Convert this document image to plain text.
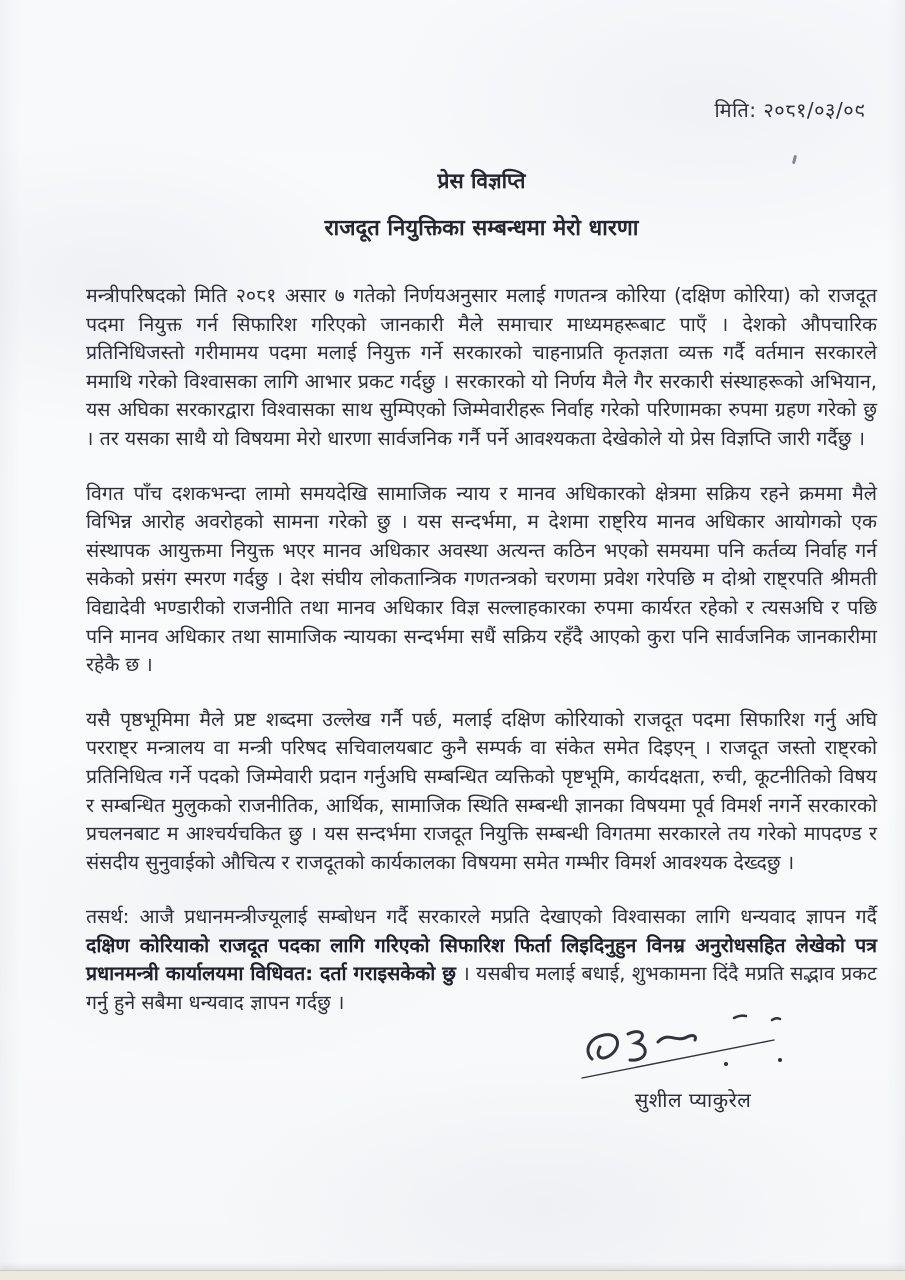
मिति: २०८१/०३/०९
प्रेस विज्ञप्ति
राजदूत नियुक्तिका सम्बन्धमा मेरो धारणा

मन्त्रीपरिषदको मिति २०८१ असार ७ गतेको निर्णयअनुसार मलाई गणतन्त्र कोरिया (दक्षिण कोरिया) को राजदूत पदमा नियुक्त गर्न सिफारिश गरिएको जानकारी मैले समाचार माध्यमहरूबाट पाएँ । देशको औपचारिक प्रतिनिधिजस्तो गरीमामय पदमा मलाई नियुक्त गर्ने सरकारको चाहनाप्रति कृतज्ञता व्यक्त गर्दै वर्तमान सरकारले ममाथि गरेको विश्वासका लागि आभार प्रकट गर्दछु । सरकारको यो निर्णय मैले गैर सरकारी संस्थाहरूको अभियान, यस अघिका सरकारद्वारा विश्वासका साथ सुम्पिएको जिम्मेवारीहरू निर्वाह गरेको परिणामका रुपमा ग्रहण गरेको छु । तर यसका साथै यो विषयमा मेरो धारणा सार्वजनिक गर्नै पर्ने आवश्यकता देखेकोले यो प्रेस विज्ञप्ति जारी गर्दैछु ।

विगत पाँच दशकभन्दा लामो समयदेखि सामाजिक न्याय र मानव अधिकारको क्षेत्रमा सक्रिय रहने क्रममा मैले विभिन्न आरोह अवरोहको सामना गरेको छु । यस सन्दर्भमा, म देशमा राष्ट्रिय मानव अधिकार आयोगको एक संस्थापक आयुक्तमा नियुक्त भएर मानव अधिकार अवस्था अत्यन्त कठिन भएको समयमा पनि कर्तव्य निर्वाह गर्न सकेको प्रसंग स्मरण गर्दछु । देश संघीय लोकतान्त्रिक गणतन्त्रको चरणमा प्रवेश गरेपछि म दोश्रो राष्ट्रपति श्रीमती विद्यादेवी भण्डारीको राजनीति तथा मानव अधिकार विज्ञ सल्लाहकारका रुपमा कार्यरत रहेको र त्यसअघि र पछि पनि मानव अधिकार तथा सामाजिक न्यायका सन्दर्भमा सधैं सक्रिय रहँदै आएको कुरा पनि सार्वजनिक जानकारीमा रहेकै छ ।

यसै पृष्ठभूमिमा मैले प्रष्ट शब्दमा उल्लेख गर्नै पर्छ, मलाई दक्षिण कोरियाको राजदूत पदमा सिफारिश गर्नु अघि परराष्ट्र मन्त्रालय वा मन्त्री परिषद सचिवालयबाट कुनै सम्पर्क वा संकेत समेत दिइएन् । राजदूत जस्तो राष्ट्रको प्रतिनिधित्व गर्ने पदको जिम्मेवारी प्रदान गर्नुअघि सम्बन्धित व्यक्तिको पृष्टभूमि, कार्यदक्षता, रुची, कूटनीतिको विषय र सम्बन्धित मुलुकको राजनीतिक, आर्थिक, सामाजिक स्थिति सम्बन्धी ज्ञानका विषयमा पूर्व विमर्श नगर्ने सरकारको प्रचलनबाट म आश्चर्यचकित छु । यस सन्दर्भमा राजदूत नियुक्ति सम्बन्धी विगतमा सरकारले तय गरेको मापदण्ड र संसदीय सुनुवाईको औचित्य र राजदूतको कार्यकालका विषयमा समेत गम्भीर विमर्श आवश्यक देख्दछु ।

तसर्थ: आजै प्रधानमन्त्रीज्यूलाई सम्बोधन गर्दै सरकारले मप्रति देखाएको विश्वासका लागि धन्यवाद ज्ञापन गर्दै दक्षिण कोरियाको राजदूत पदका लागि गरिएको सिफारिश फिर्ता लिइदिनुहुन विनम्र अनुरोधसहित लेखेको पत्र प्रधानमन्त्री कार्यालयमा विधिवत: दर्ता गराइसकेको छु । यसबीच मलाई बधाई, शुभकामना दिंदै मप्रति सद्भाव प्रकट गर्नु हुने सबैमा धन्यवाद ज्ञापन गर्दछु ।

सुशील प्याकुरेल
